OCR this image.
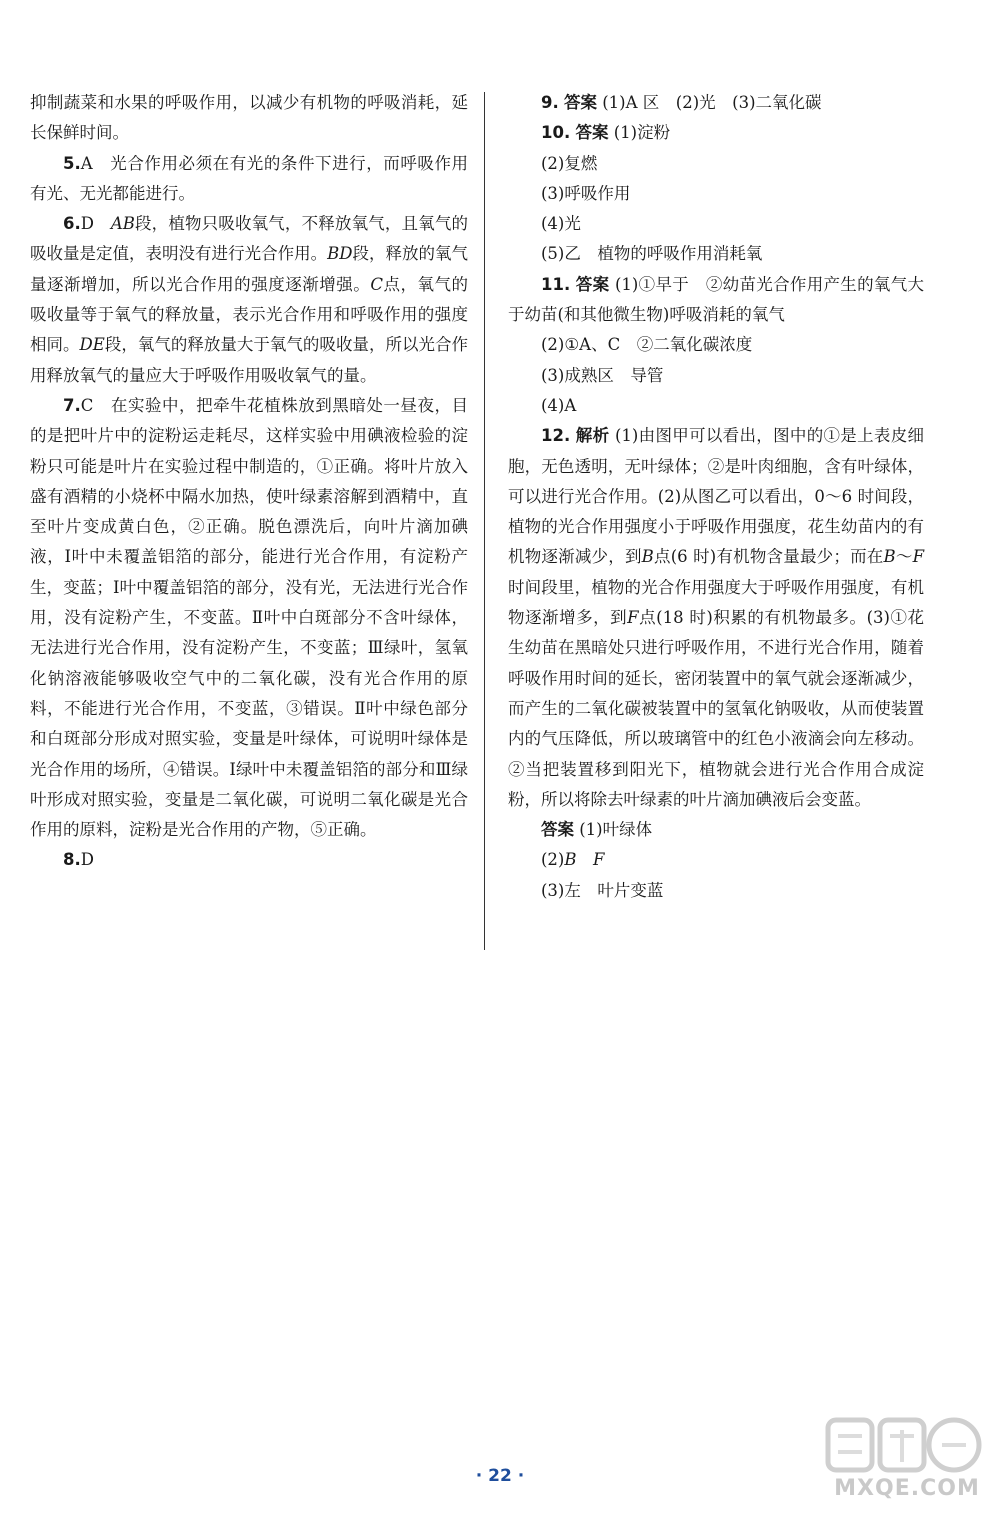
抑制蔬菜和水果的呼吸作用，以减少有机物的呼吸消耗，延长保鲜时间。

5.A　光合作用必须在有光的条件下进行，而呼吸作用有光、无光都能进行。

6.D　 AB段，植物只吸收氧气，不释放氧气，且氧气的吸收量是定值，表明没有进行光合作用。BD段，释放的氧气量逐渐增加，所以光合作用的强度逐渐增强。C点，氧气的吸收量等于氧气的释放量，表示光合作用和呼吸作用的强度相同。DE段，氧气的释放量大于氧气的吸收量，所以光合作用释放氧气的量应大于呼吸作用吸收氧气的量。

7.C　在实验中，把牵牛花植株放到黑暗处一昼夜，目的是把叶片中的淀粉运走耗尽，这样实验中用碘液检验的淀粉只可能是叶片在实验过程中制造的，①正确。将叶片放入盛有酒精的小烧杯中隔水加热，使叶绿素溶解到酒精中，直至叶片变成黄白色，②正确。脱色漂洗后，向叶片滴加碘液，Ⅰ叶中未覆盖铝箔的部分，能进行光合作用，有淀粉产生，变蓝；Ⅰ叶中覆盖铝箔的部分，没有光，无法进行光合作用，没有淀粉产生，不变蓝。Ⅱ叶中白斑部分不含叶绿体，无法进行光合作用，没有淀粉产生，不变蓝；Ⅲ绿叶，氢氧化钠溶液能够吸收空气中的二氧化碳，没有光合作用的原料，不能进行光合作用，不变蓝，③错误。Ⅱ叶中绿色部分和白斑部分形成对照实验，变量是叶绿体，可说明叶绿体是光合作用的场所，④错误。Ⅰ绿叶中未覆盖铝箔的部分和Ⅲ绿叶形成对照实验，变量是二氧化碳，可说明二氧化碳是光合作用的原料，淀粉是光合作用的产物，⑤正确。

8.D

9. 答案 (1)A 区　(2)光　(3)二氧化碳

10. 答案 (1)淀粉

(2)复燃

(3)呼吸作用

(4)光

(5)乙　植物的呼吸作用消耗氧

11. 答案 (1)①早于　②幼苗光合作用产生的氧气大于幼苗(和其他微生物)呼吸消耗的氧气

(2)①A、C　②二氧化碳浓度

(3)成熟区　导管

(4)A

12. 解析 (1)由图甲可以看出，图中的①是上表皮细胞，无色透明，无叶绿体；②是叶肉细胞，含有叶绿体，可以进行光合作用。(2)从图乙可以看出，0～6 时间段，植物的光合作用强度小于呼吸作用强度，花生幼苗内的有机物逐渐减少，到B点(6 时)有机物含量最少；而在B～F时间段里，植物的光合作用强度大于呼吸作用强度，有机物逐渐增多，到F点(18 时)积累的有机物最多。(3)①花生幼苗在黑暗处只进行呼吸作用，不进行光合作用，随着呼吸作用时间的延长，密闭装置中的氧气就会逐渐减少，而产生的二氧化碳被装置中的氢氧化钠吸收，从而使装置内的气压降低，所以玻璃管中的红色小液滴会向左移动。②当把装置移到阳光下，植物就会进行光合作用合成淀粉，所以将除去叶绿素的叶片滴加碘液后会变蓝。

答案 (1)叶绿体

(2)B　 F

(3)左　叶片变蓝

· 22 ·	MXQE.COM
